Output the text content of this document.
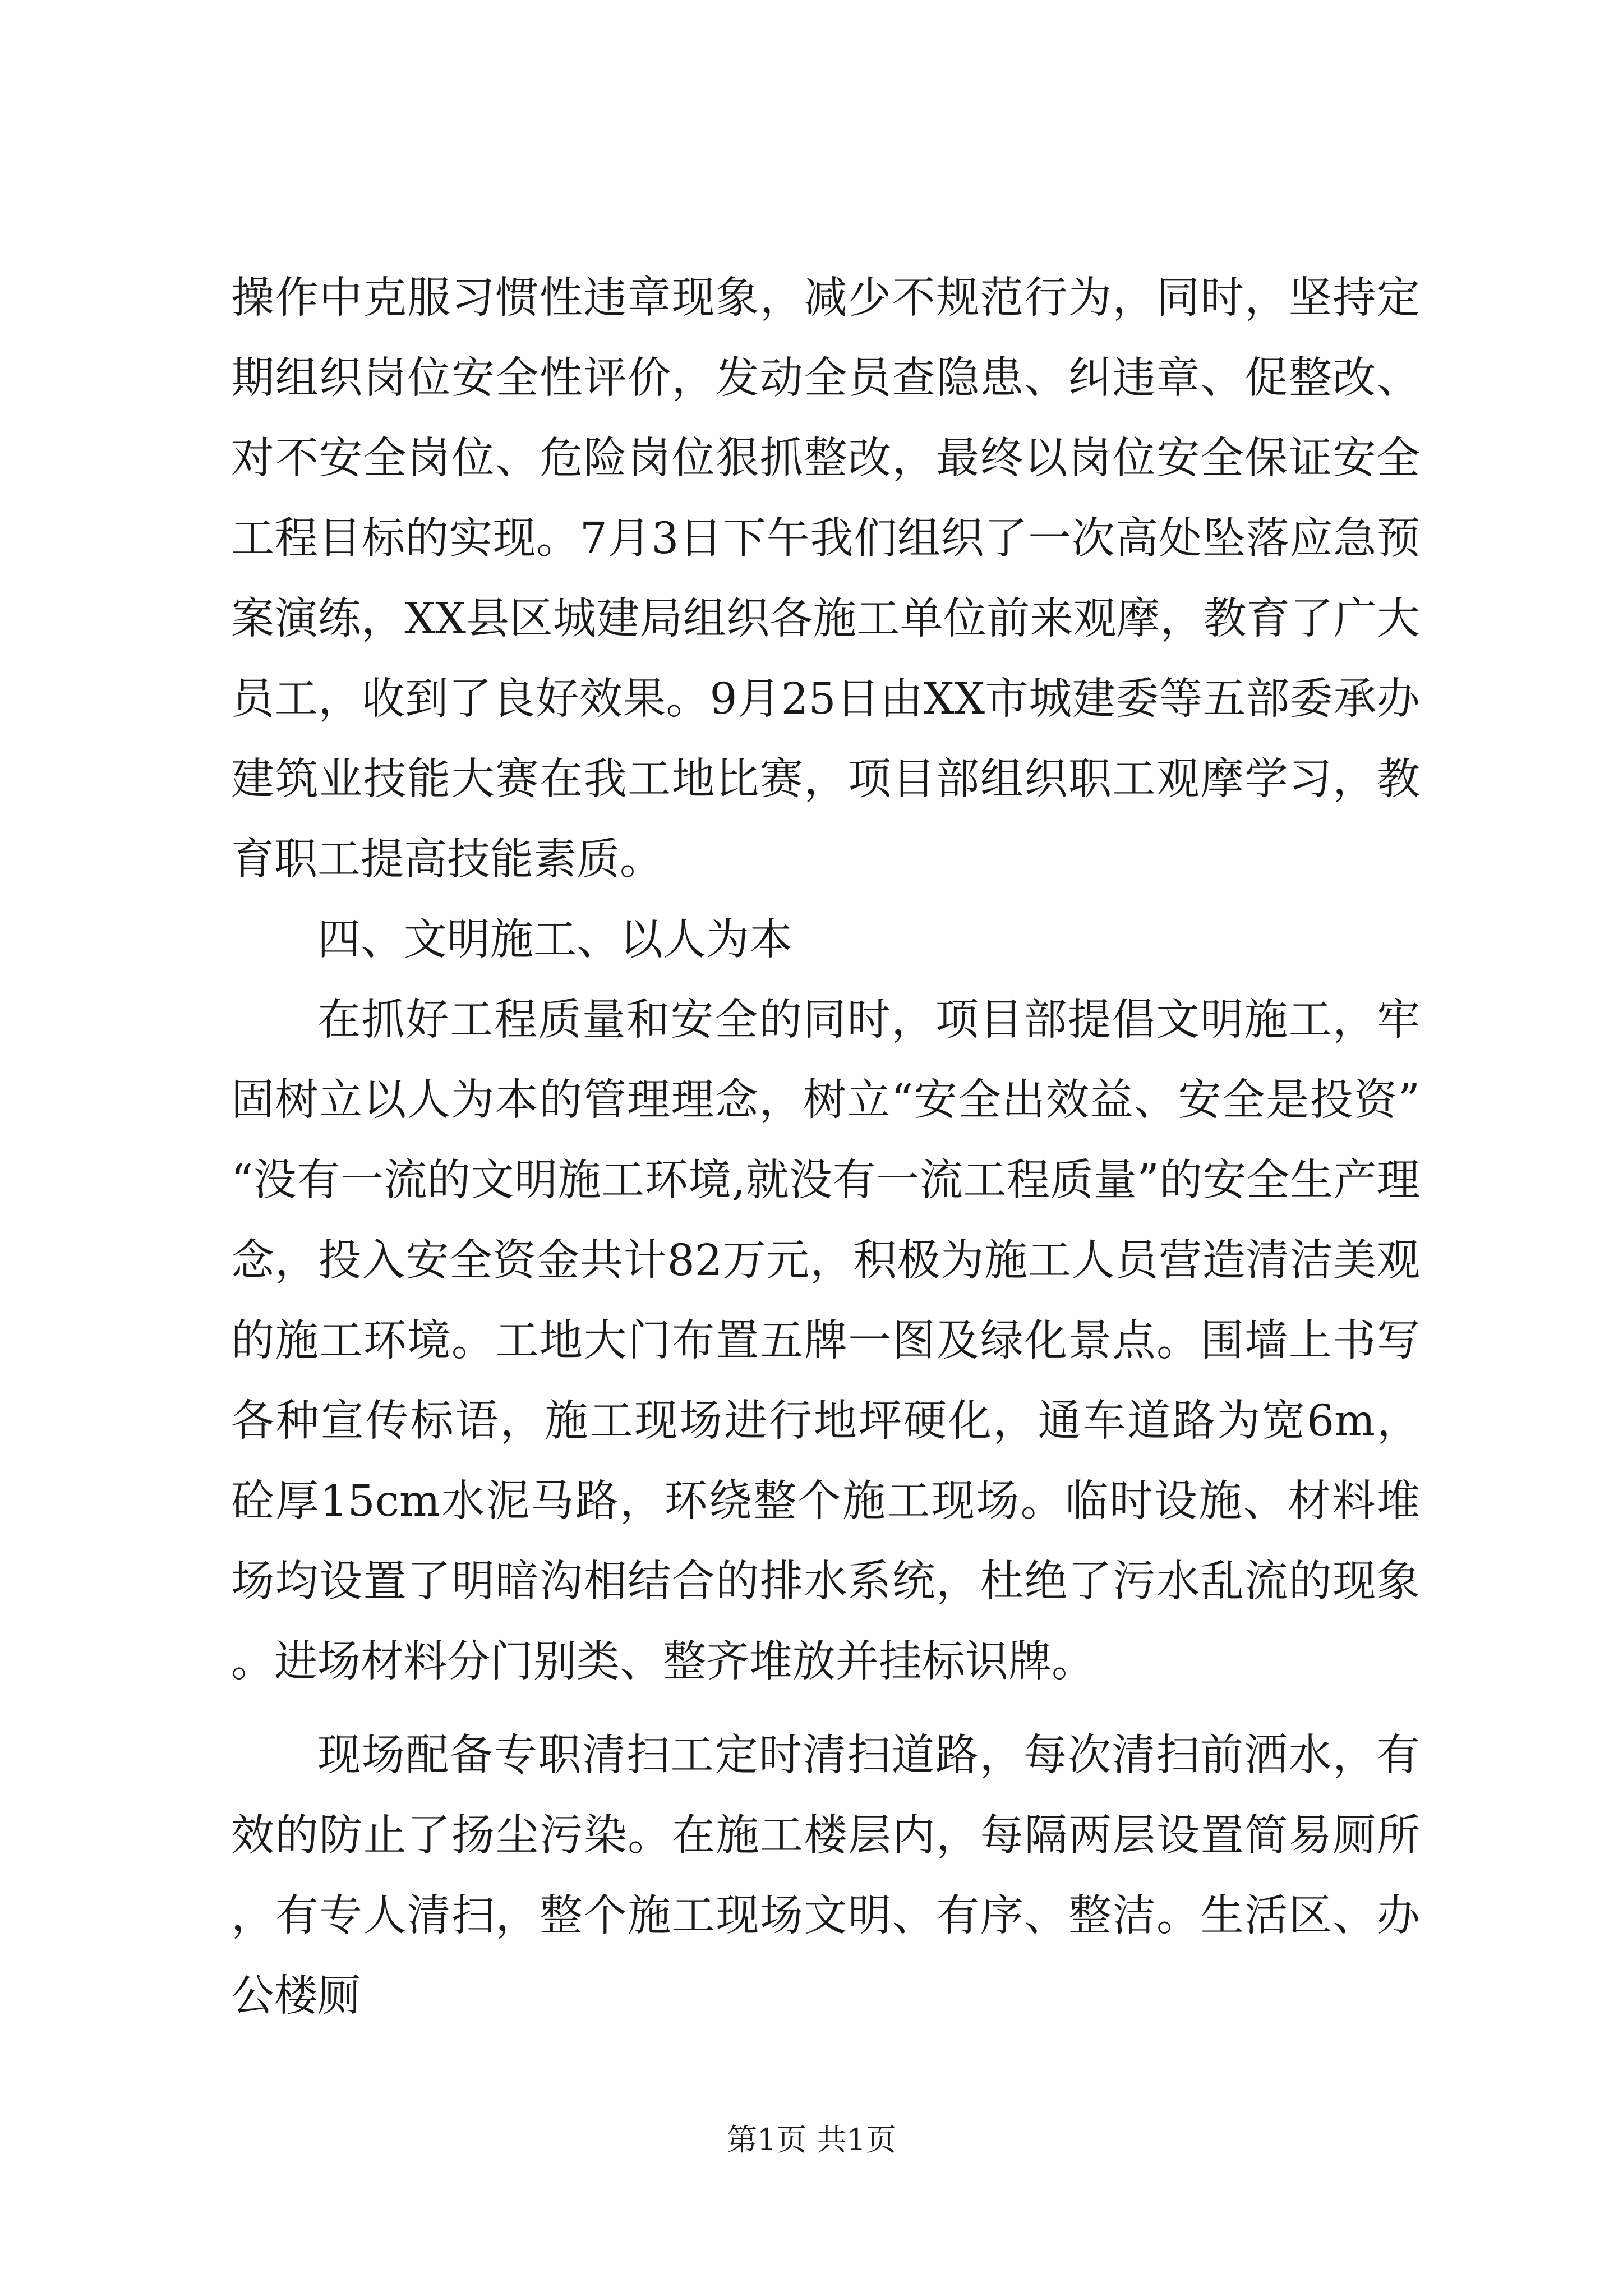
操作中克服习惯性违章现象，减少不规范行为，同时，坚持定期组织岗位安全性评价，发动全员查隐患、纠违章、促整改、对不安全岗位、危险岗位狠抓整改，最终以岗位安全保证安全工程目标的实现。7月3日下午我们组织了一次高处坠落应急预案演练，XX县区城建局组织各施工单位前来观摩，教育了广大员工，收到了良好效果。9月25日由XX市城建委等五部委承办建筑业技能大赛在我工地比赛，项目部组织职工观摩学习，教育职工提高技能素质。

四、文明施工、以人为本

在抓好工程质量和安全的同时，项目部提倡文明施工，牢固树立以人为本的管理理念，树立“安全出效益、安全是投资”“没有一流的文明施工环境,就没有一流工程质量”的安全生产理念，投入安全资金共计82万元，积极为施工人员营造清洁美观的施工环境。工地大门布置五牌一图及绿化景点。围墙上书写各种宣传标语，施工现场进行地坪硬化，通车道路为宽6m，砼厚15cm水泥马路，环绕整个施工现场。临时设施、材料堆场均设置了明暗沟相结合的排水系统，杜绝了污水乱流的现象。进场材料分门别类、整齐堆放并挂标识牌。

现场配备专职清扫工定时清扫道路，每次清扫前洒水，有效的防止了扬尘污染。在施工楼层内，每隔两层设置简易厕所，有专人清扫，整个施工现场文明、有序、整洁。生活区、办公楼厕

第1页 共1页
